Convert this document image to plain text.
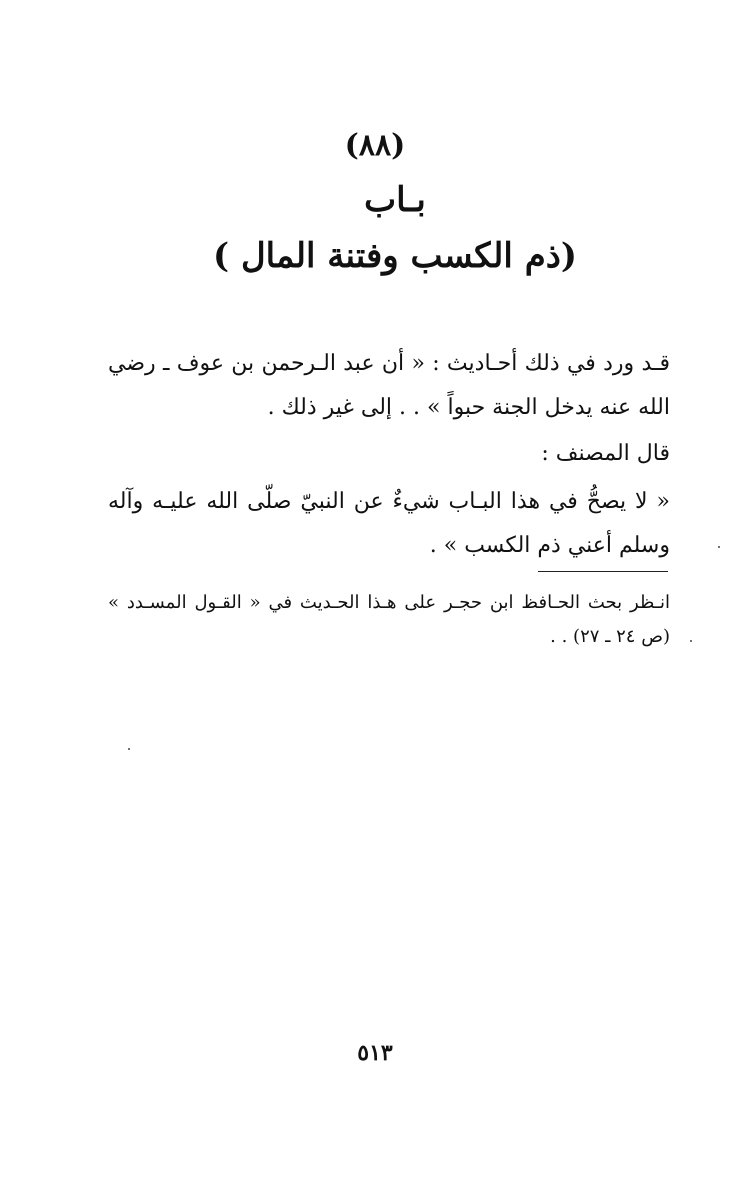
(٨٨)
بـاب
(ذم الكسب وفتنة المال )
قـد ورد في ذلك أحـاديث : « أن عبد الـرحمن بن عوف ـ رضي الله عنه يدخل الجنة حبواً » . . إلى غير ذلك .
قال المصنف :
« لا يصحُّ في هذا البـاب شيءٌ عن النبيّ صلّى الله عليـه وآله وسلم أعني ذم الكسب » .
انـظر بحث الحـافظ ابن حجـر على هـذا الحـديث في « القـول المسـدد » (ص ٢٤ ـ ٢٧) . .
٥١٣
